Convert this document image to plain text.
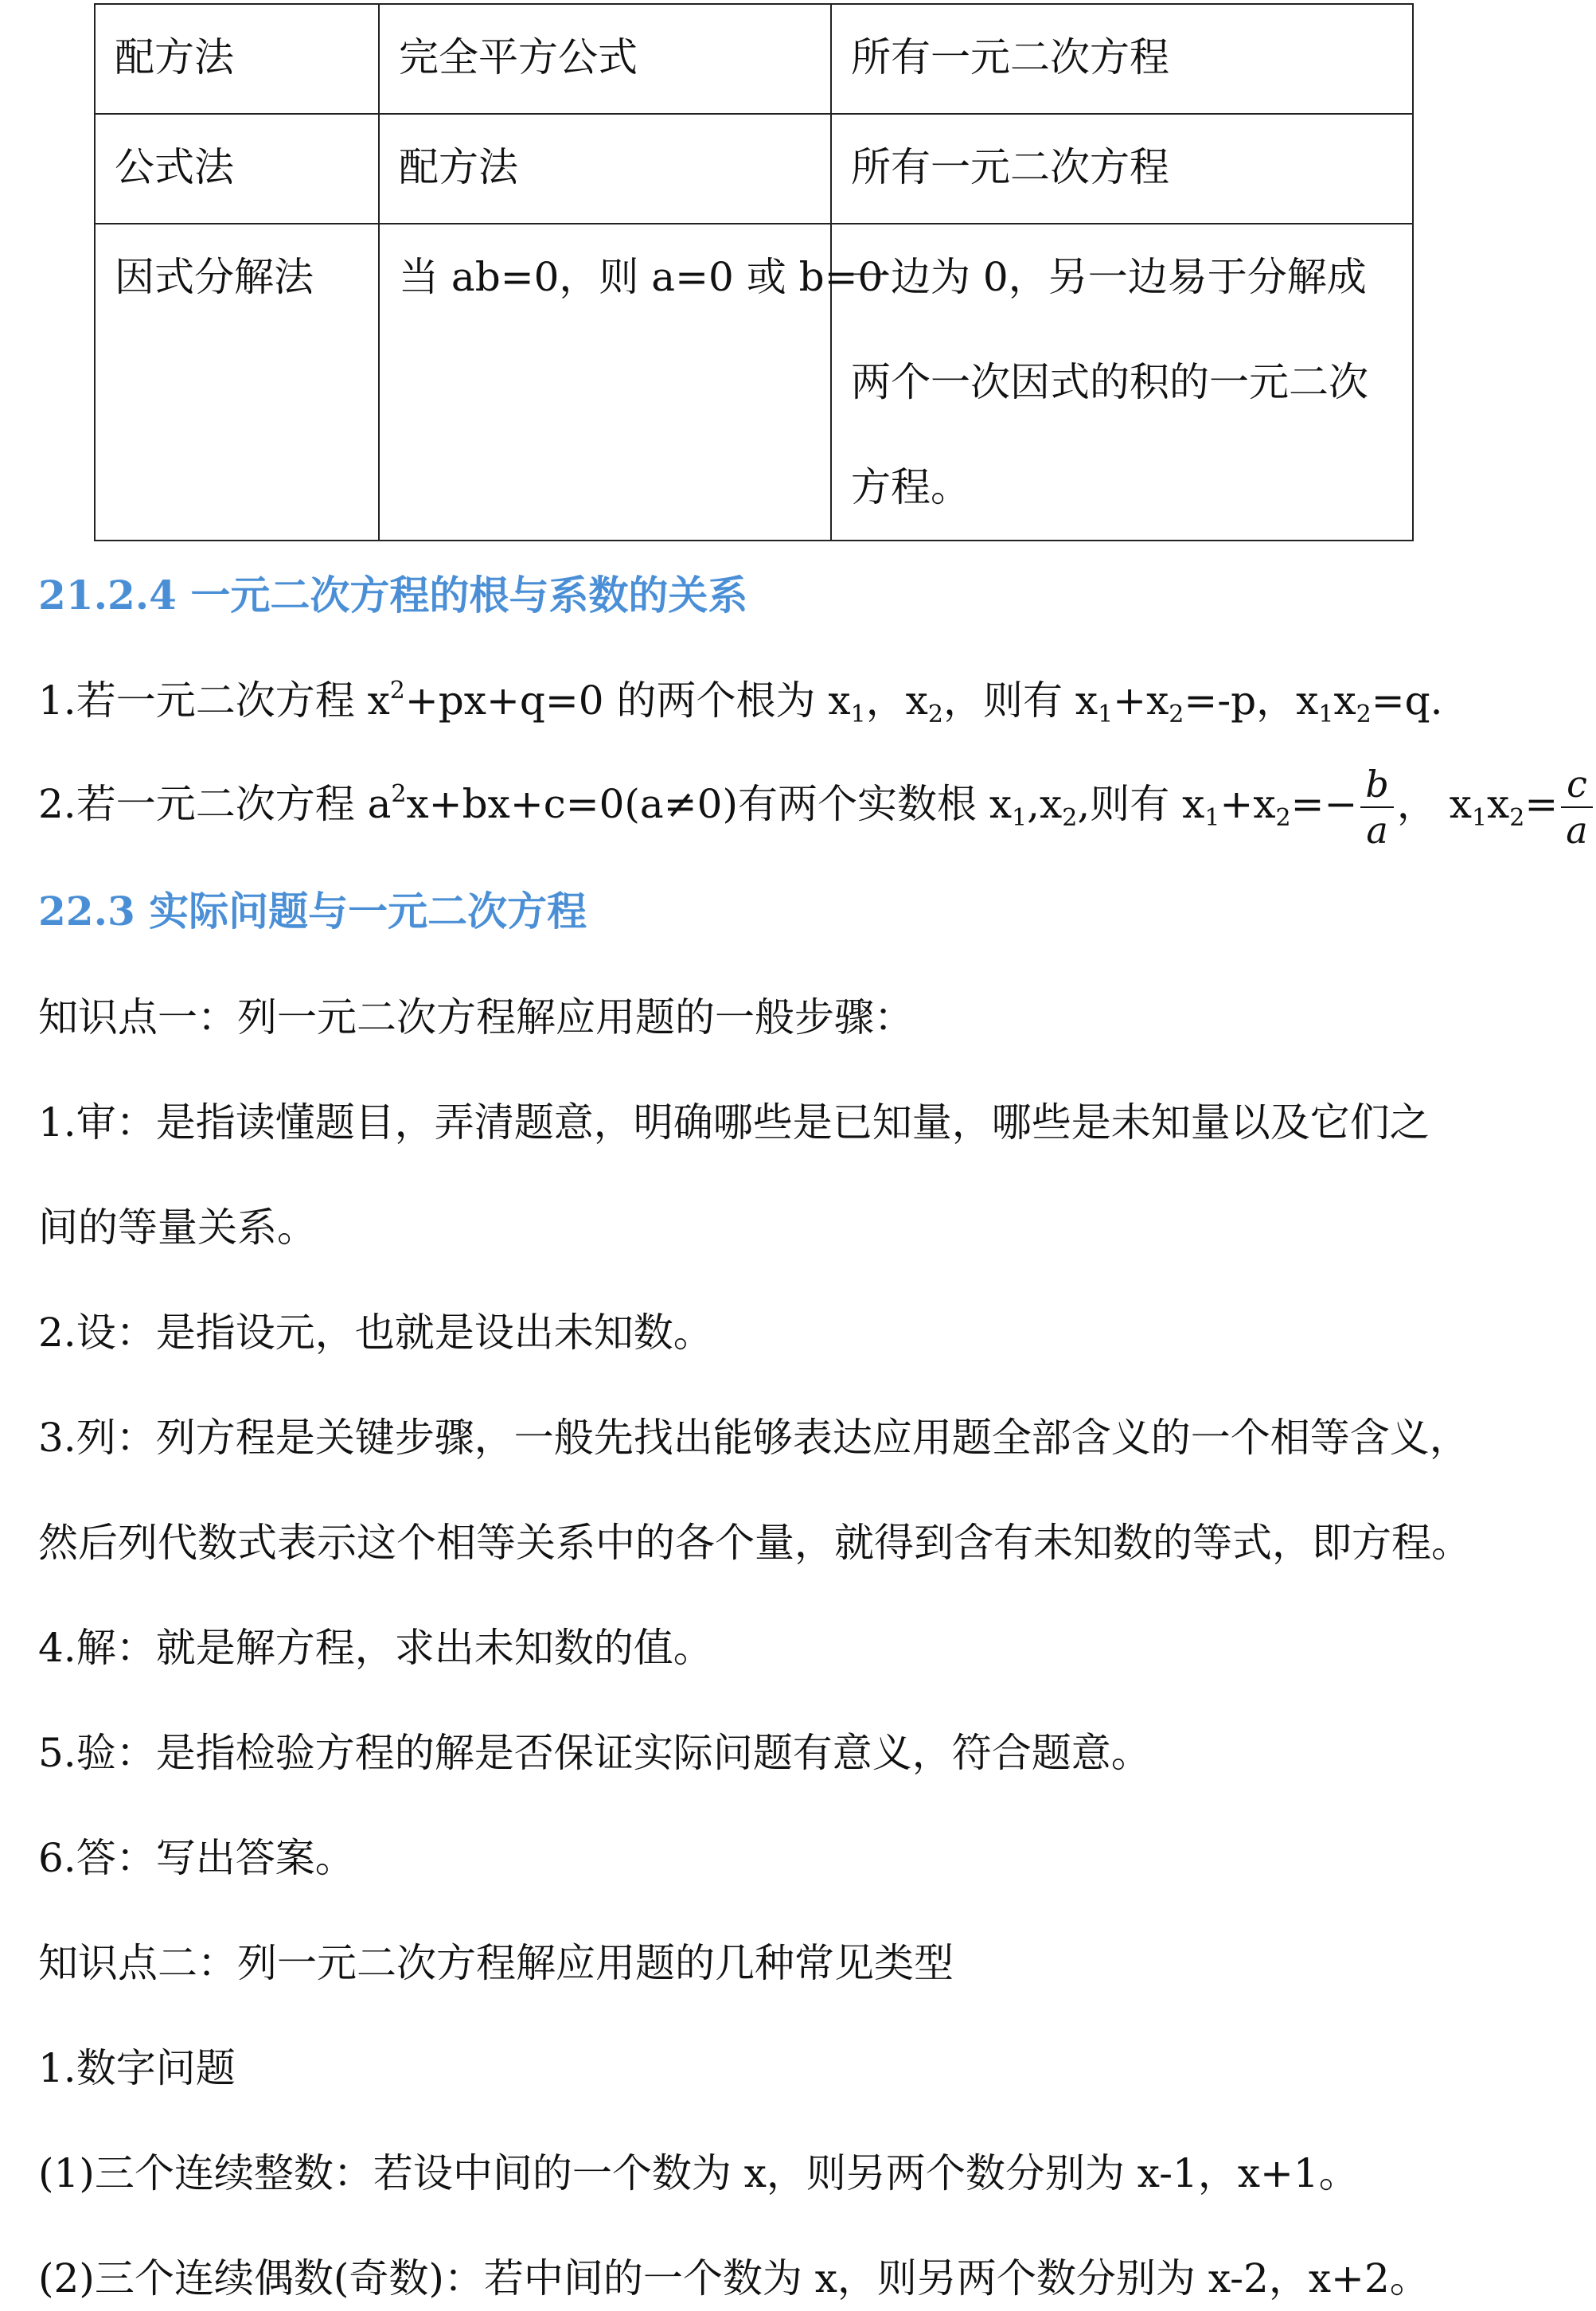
配方法	完全平方公式	所有一元二次方程
公式法	配方法	所有一元二次方程
因式分解法	当 ab=0，则 a=0 或 b=0	一边为 0，另一边易于分解成
两个一次因式的积的一元二次
方程。
21.2.4 一元二次方程的根与系数的关系
1.若一元二次方程 $x^2+px+q=0$ 的两个根为 $x_1$，$x_2$，则有 $x_1+x_2=-p$，$x_1x_2=q$.
2.若一元二次方程 $a^2x+bx+c=0(a\ne 0)$有两个实数根 $x_1,x_2$,则有 $x_1+x_2=- \frac{b}{a}$ ， $x_1x_2= \frac{c}{a}$
22.3 实际问题与一元二次方程
知识点一：列一元二次方程解应用题的一般步骤：
1.审：是指读懂题目，弄清题意，明确哪些是已知量，哪些是未知量以及它们之
间的等量关系。
2.设：是指设元，也就是设出未知数。
3.列：列方程是关键步骤，一般先找出能够表达应用题全部含义的一个相等含义，
然后列代数式表示这个相等关系中的各个量，就得到含有未知数的等式，即方程。
4.解：就是解方程，求出未知数的值。
5.验：是指检验方程的解是否保证实际问题有意义，符合题意。
6.答：写出答案。
知识点二：列一元二次方程解应用题的几种常见类型
1.数字问题
(1)三个连续整数：若设中间的一个数为 x，则另两个数分别为 x-1，x+1。
(2)三个连续偶数(奇数)：若中间的一个数为 x，则另两个数分别为 x-2，x+2。
